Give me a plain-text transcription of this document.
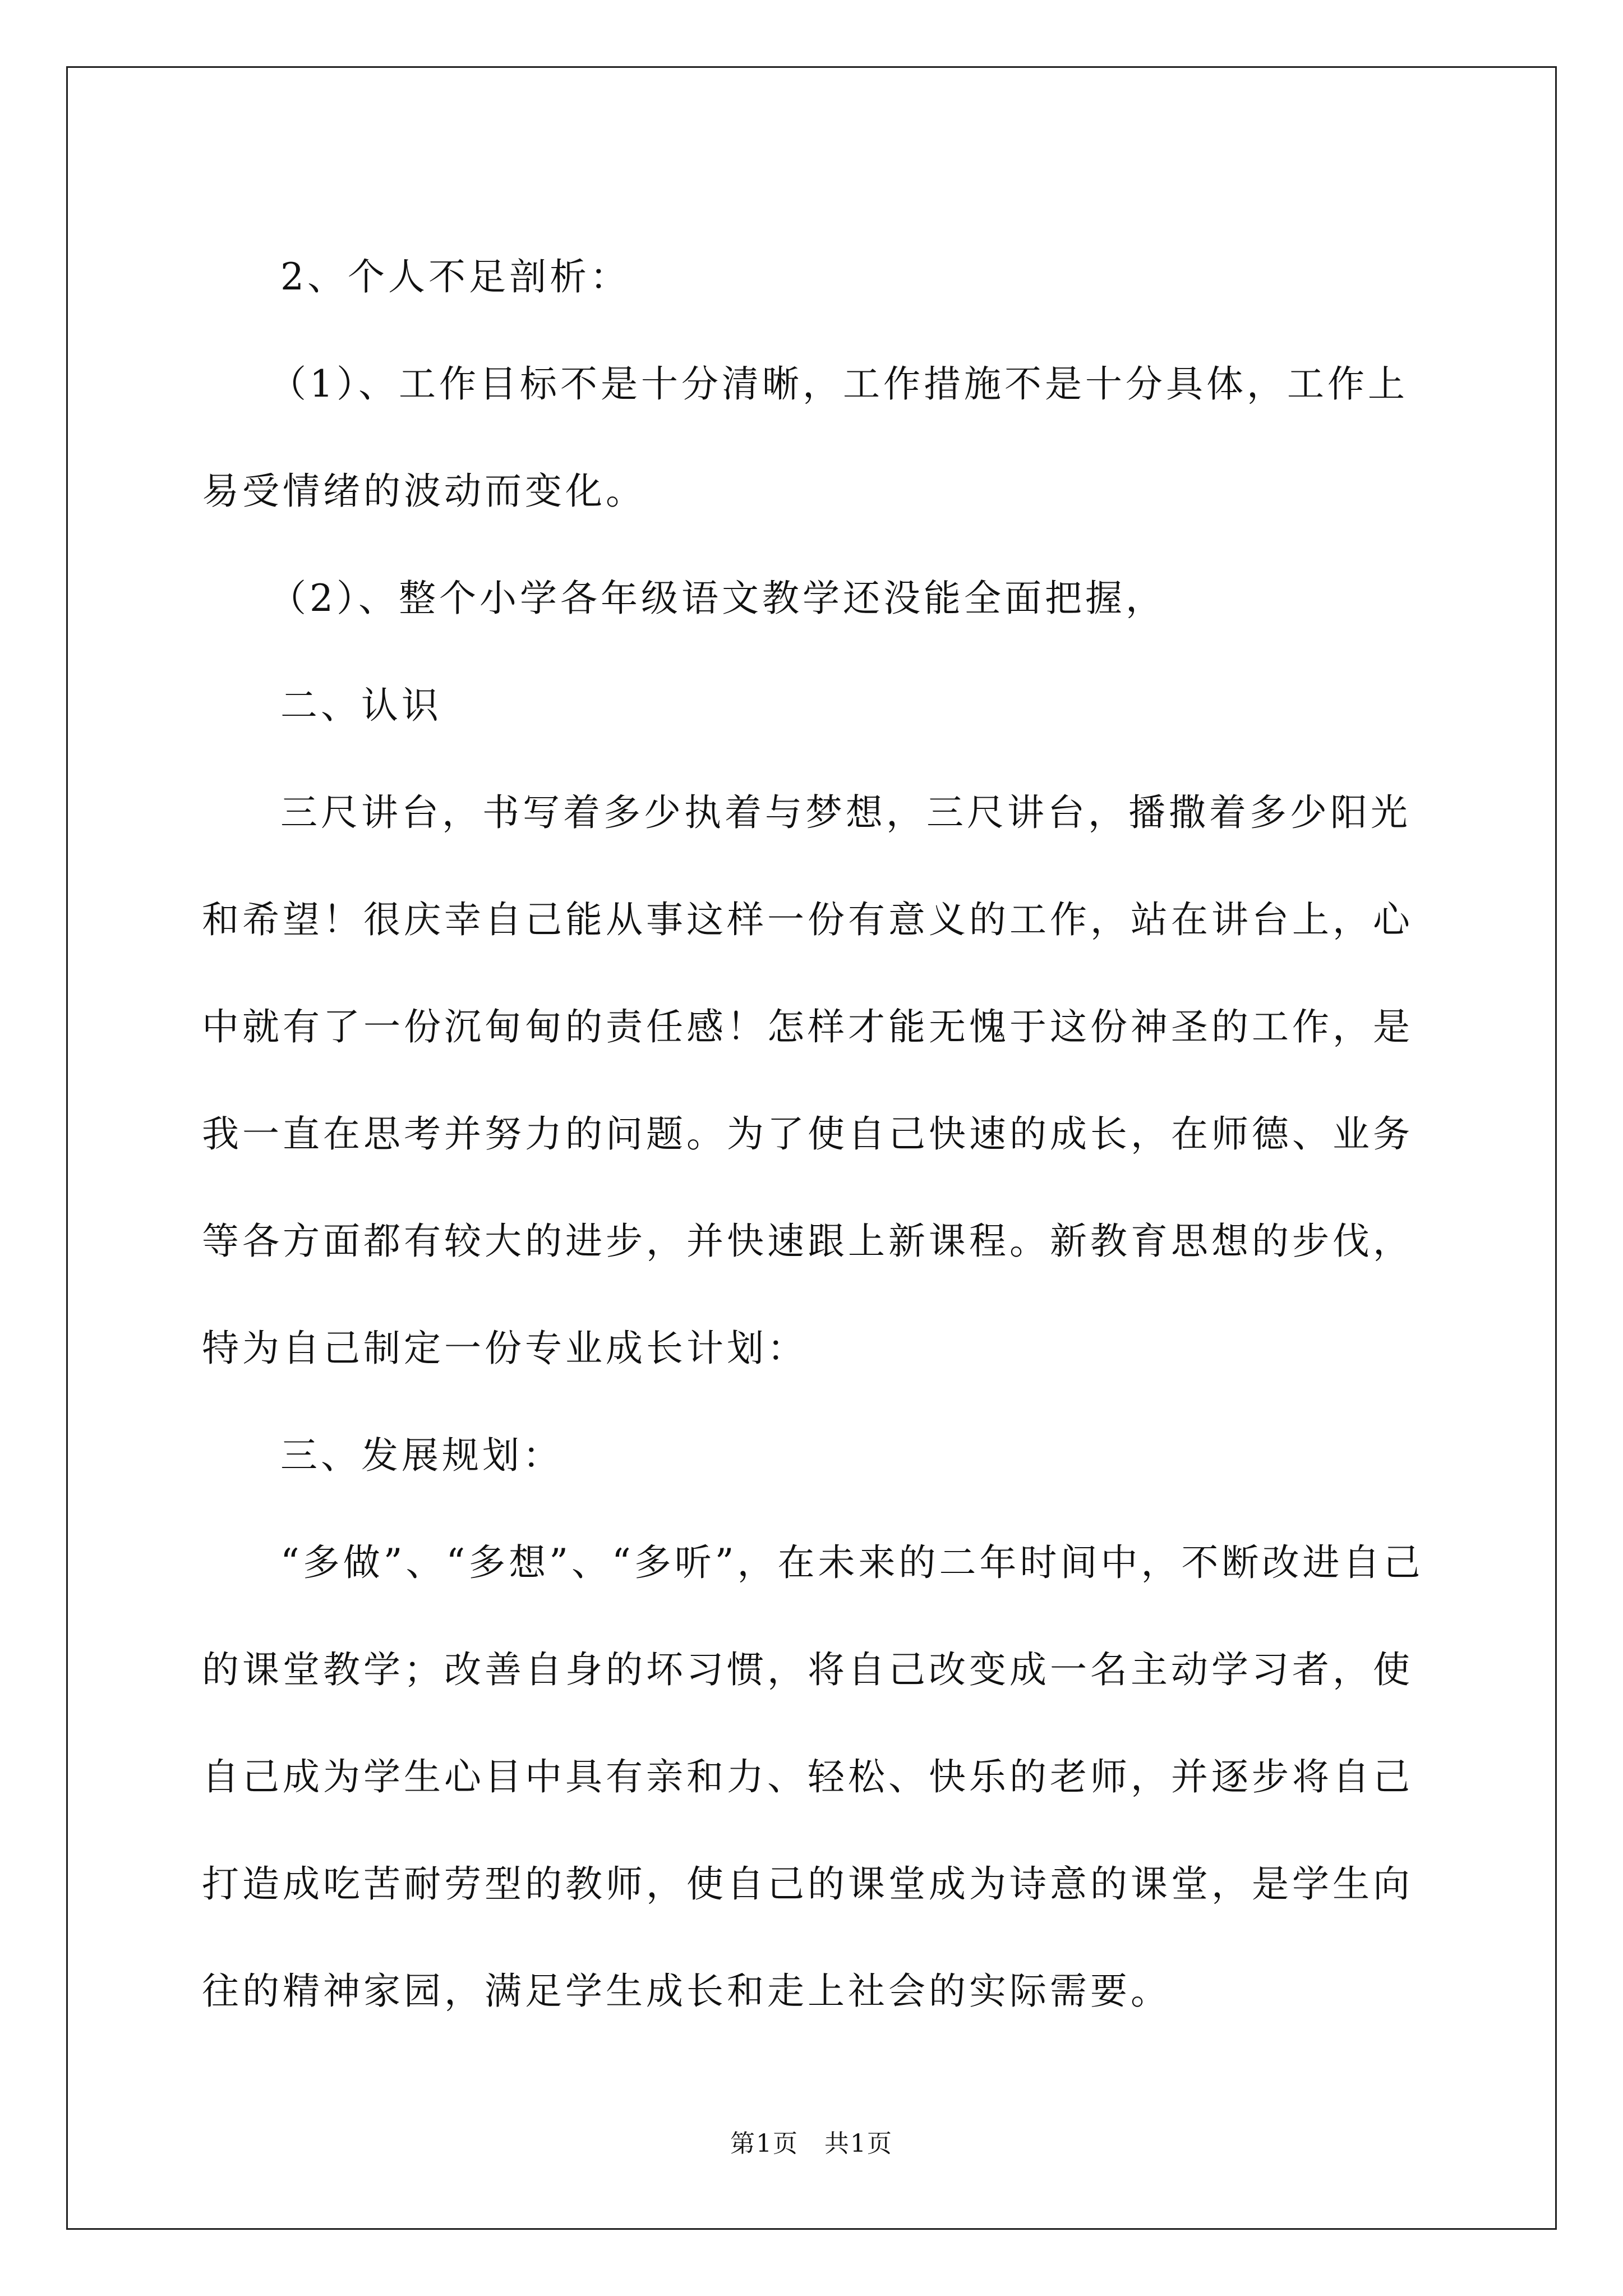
2、个人不足剖析：

（1）、工作目标不是十分清晰，工作措施不是十分具体，工作上易受情绪的波动而变化。

（2）、整个小学各年级语文教学还没能全面把握，

二、认识

三尺讲台，书写着多少执着与梦想，三尺讲台，播撒着多少阳光和希望！很庆幸自己能从事这样一份有意义的工作，站在讲台上，心中就有了一份沉甸甸的责任感！怎样才能无愧于这份神圣的工作，是我一直在思考并努力的问题。为了使自己快速的成长，在师德、业务等各方面都有较大的进步，并快速跟上新课程。新教育思想的步伐，特为自己制定一份专业成长计划：

三、发展规划：

“多做”、“多想”、“多听”，在未来的二年时间中，不断改进自己的课堂教学；改善自身的坏习惯，将自己改变成一名主动学习者，使自己成为学生心目中具有亲和力、轻松、快乐的老师，并逐步将自己打造成吃苦耐劳型的教师，使自己的课堂成为诗意的课堂，是学生向往的精神家园，满足学生成长和走上社会的实际需要。

第1页　共1页
